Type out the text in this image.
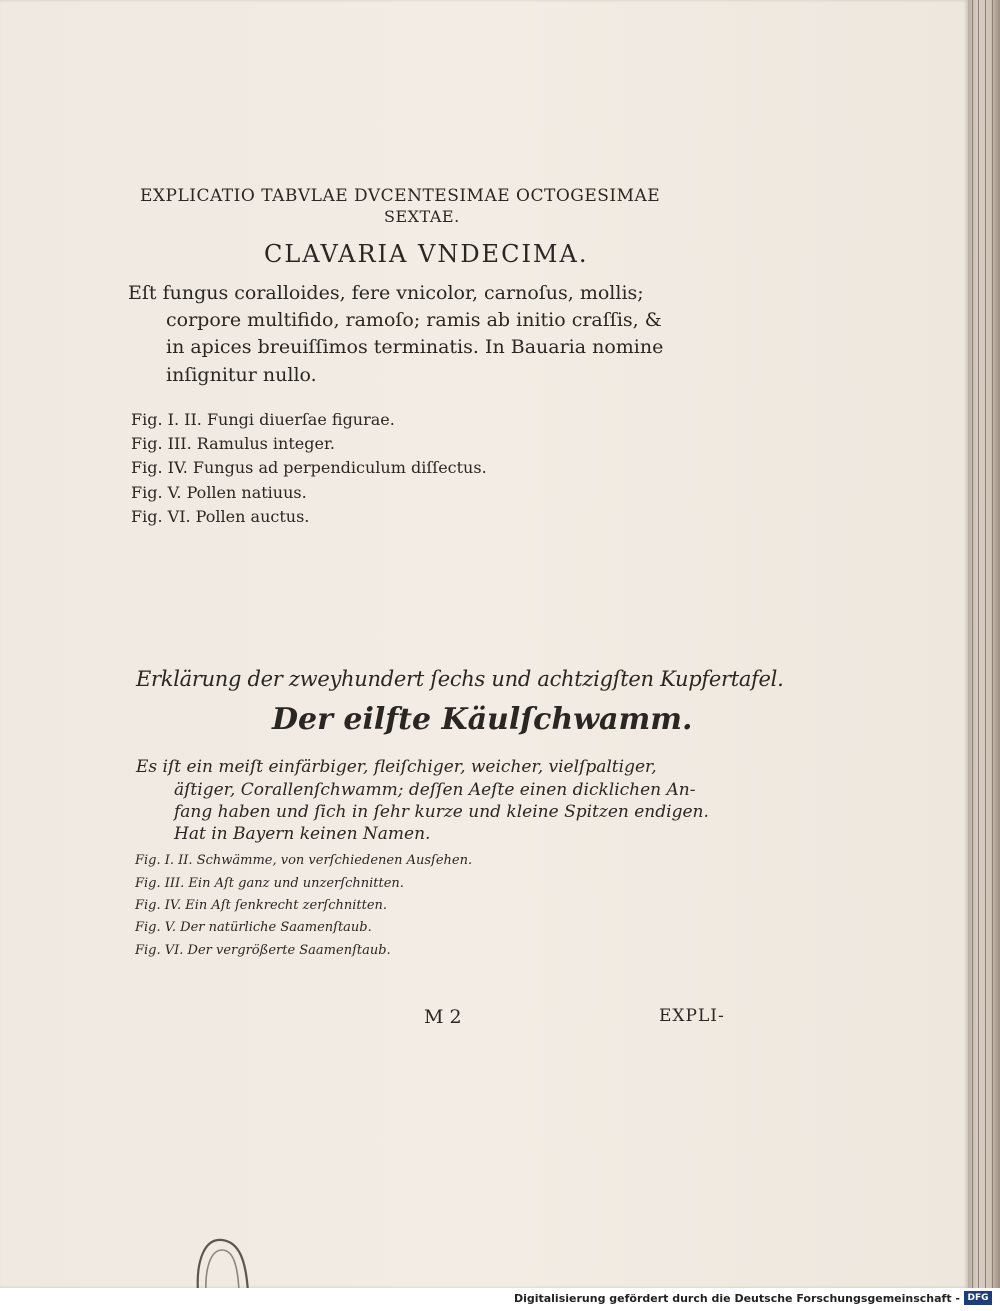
EXPLICATIO TABVLAE DVCENTESIMAE OCTOGESIMAE
SEXTAE.
CLAVARIA VNDECIMA.
Eſt fungus coralloides, fere vnicolor, carnoſus, mollis;
corpore multifido, ramoſo; ramis ab initio craſſis, &
in apices breuiſſimos terminatis. In Bauaria nomine
inſignitur nullo.
Fig. I. II. Fungi diuerſae figurae.
Fig. III. Ramulus integer.
Fig. IV. Fungus ad perpendiculum diſſectus.
Fig. V. Pollen natiuus.
Fig. VI. Pollen auctus.
Erklärung der zweyhundert ſechs und achtzigſten Kupfertafel.
Der eilfte Käulſchwamm.
Es iſt ein meiſt einfärbiger, fleiſchiger, weicher, vielſpaltiger,
äſtiger, Corallenſchwamm; deſſen Aeſte einen dicklichen An-
fang haben und ſich in ſehr kurze und kleine Spitzen endigen.
Hat in Bayern keinen Namen.
Fig. I. II. Schwämme, von verſchiedenen Ausſehen.
Fig. III. Ein Aſt ganz und unzerſchnitten.
Fig. IV. Ein Aſt ſenkrecht zerſchnitten.
Fig. V. Der natürliche Saamenſtaub.
Fig. VI. Der vergrößerte Saamenſtaub.
M 2	EXPLI-
Digitalisierung gefördert durch die Deutsche Forschungsgemeinschaft - DFG
